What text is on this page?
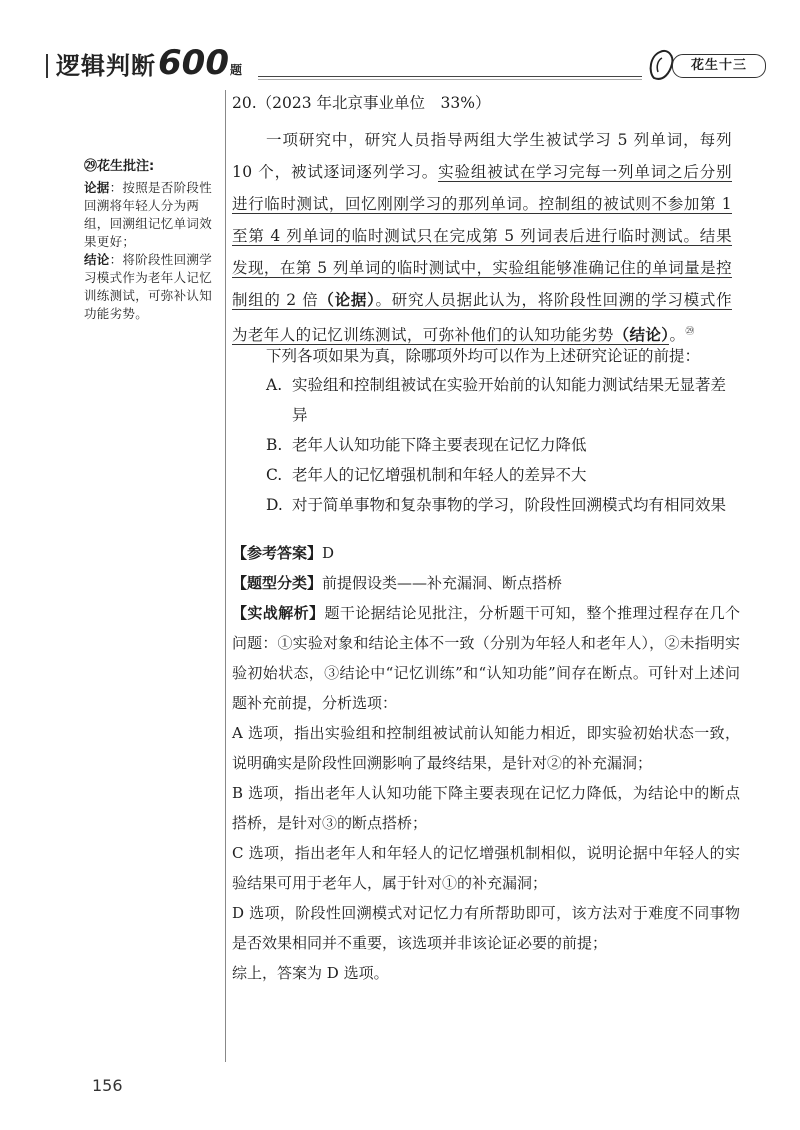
逻辑判断 600 题	花生十三
㉙花生批注:

论据：按照是否阶段性回溯将年轻人分为两组，回溯组记忆单词效果更好；

结论：将阶段性回溯学习模式作为老年人记忆训练测试，可弥补认知功能劣势。

20.（2023 年北京事业单位　33%）
一项研究中，研究人员指导两组大学生被试学习 5 列单词，每列 10 个，被试逐词逐列学习。实验组被试在学习完每一列单词之后分别进行临时测试，回忆刚刚学习的那列单词。控制组的被试则不参加第 1 至第 4 列单词的临时测试只在完成第 5 列词表后进行临时测试。结果发现，在第 5 列单词的临时测试中，实验组能够准确记住的单词量是控制组的 2 倍（论据）。研究人员据此认为，将阶段性回溯的学习模式作为老年人的记忆训练测试，可弥补他们的认知功能劣势（结论）。$^㉙$
下列各项如果为真，除哪项外均可以作为上述研究论证的前提：
A. 实验组和控制组被试在实验开始前的认知能力测试结果无显著差异
B. 老年人认知功能下降主要表现在记忆力降低
C. 老年人的记忆增强机制和年轻人的差异不大
D. 对于简单事物和复杂事物的学习，阶段性回溯模式均有相同效果
【参考答案】D
【题型分类】前提假设类——补充漏洞、断点搭桥
【实战解析】题干论据结论见批注，分析题干可知，整个推理过程存在几个问题：①实验对象和结论主体不一致（分别为年轻人和老年人），②未指明实验初始状态，③结论中“记忆训练”和“认知功能”间存在断点。可针对上述问题补充前提，分析选项：
A 选项，指出实验组和控制组被试前认知能力相近，即实验初始状态一致，说明确实是阶段性回溯影响了最终结果，是针对②的补充漏洞；
B 选项，指出老年人认知功能下降主要表现在记忆力降低，为结论中的断点搭桥，是针对③的断点搭桥；
C 选项，指出老年人和年轻人的记忆增强机制相似，说明论据中年轻人的实验结果可用于老年人，属于针对①的补充漏洞；
D 选项，阶段性回溯模式对记忆力有所帮助即可，该方法对于难度不同事物是否效果相同并不重要，该选项并非该论证必要的前提；
综上，答案为 D 选项。
156
